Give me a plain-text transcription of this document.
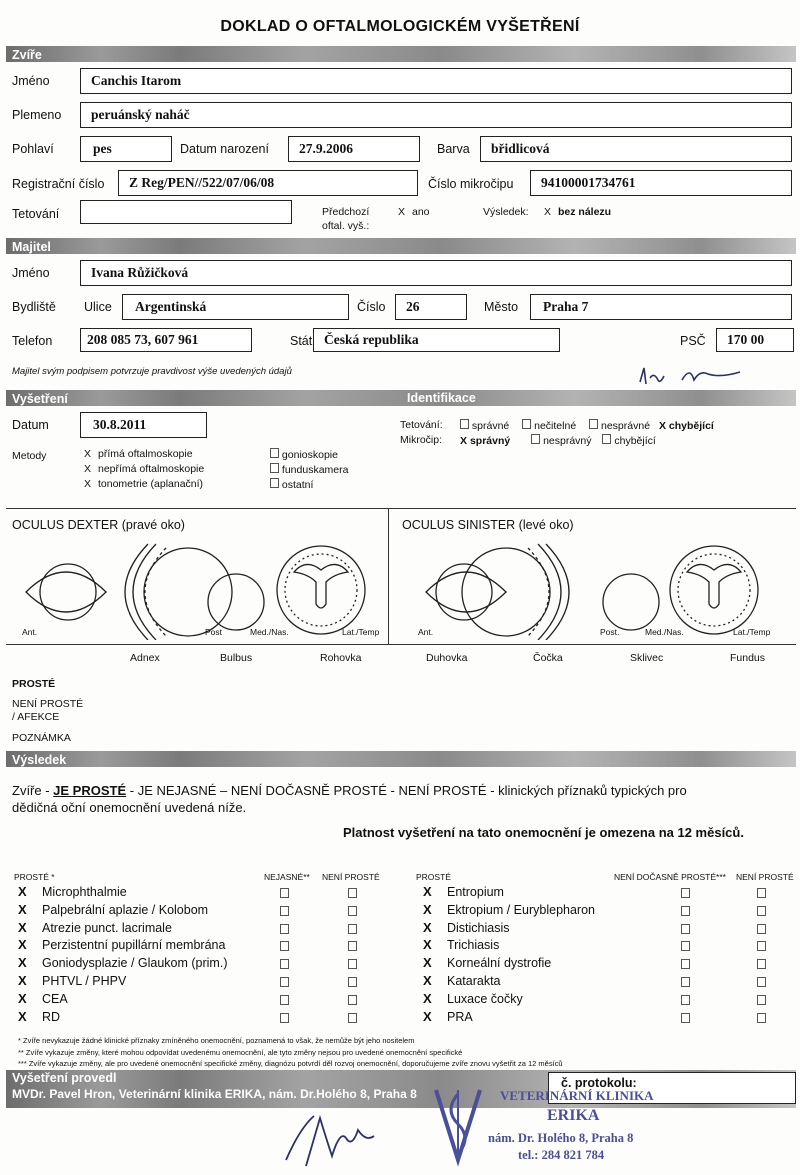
DOKLAD O OFTALMOLOGICKÉM VYŠETŘENÍ
Zvíře
Jméno	Canchis Itarom
Plemeno peruánský naháč
Pohlaví	pes	Datum narození 27.9.2006	Barva břidlicová
Registrační číslo Z Reg/PEN//522/07/06/08	Číslo mikročipu 94100001734761
Tetování	Předchozí
oftal. vyš.:
X ano	Výsledek: X bez nálezu
Majitel
Jméno	Ivana Růžičková
Bydliště Ulice Argentinská	Číslo 26	Město Praha 7
Telefon	208 085 73, 607 961	Stát Česká republika	PSČ 170 00
Majitel svým podpisem potvrzuje pravdivost výše uvedených údajů
Vyšetření	Identifikace
Datum	30.8.2011
Metody	X přímá oftalmoskopie
X nepřímá oftalmoskopie
X tonometrie (aplanační)
gonioskopie
funduskamera
ostatní
Tetování:	správné nečitelné nesprávné X chybějící
Mikročip: X správný	nesprávný chybějící
OCULUS DEXTER (pravé oko)	OCULUS SINISTER (levé oko)
Ant.	Post	Med./Nas.	Lat./Temp	Ant.	Post.	Med./Nas.	Lat./Temp
Adnex	Bulbus	Rohovka	Duhovka	Čočka	Sklivec	Fundus
PROSTÉ
NENÍ PROSTÉ
/ AFEKCE
POZNÁMKA
Výsledek
Zvíře - JE PROSTÉ - JE NEJASNÉ – NENÍ DOČASNĚ PROSTÉ - NENÍ PROSTÉ - klinických příznaků typických pro
dědičná oční onemocnění uvedená níže.
Platnost vyšetření na tato onemocnění je omezena na 12 měsíců.
PROSTÉ *	NEJASNÉ** NENÍ PROSTÉ	PROSTÉ	NENÍ DOČASNĚ PROSTÉ*** NENÍ PROSTÉ
X Microphthalmie
X Palpebrální aplazie / Kolobom
X Atrezie punct. lacrimale
X Perzistentní pupillární membrána
X Goniodysplazie / Glaukom (prim.)
X PHTVL / PHPV
X CEA
X RD
X Entropium
X Ektropium / Euryblepharon
X Distichiasis
X Trichiasis
X Korneální dystrofie
X Katarakta
X Luxace čočky
X PRA
* Zvíře nevykazuje žádné klinické příznaky zmíněného onemocnění, poznamená to však, že nemůže být jeho nositelem
** Zvíře vykazuje změny, které mohou odpovídat uvedenému onemocnění, ale tyto změny nejsou pro uvedené onemocnění specifické
*** Zvíře vykazuje změny, ale pro uvedené onemocnění specifické změny, diagnózu potvrdí děl rozvoj onemocnění, doporučujeme zvíře znovu vyšetřit za 12 měsíců
Vyšetření provedl
MVDr. Pavel Hron, Veterinární klinika ERIKA, nám. Dr.Holého 8, Praha 8
č. protokolu:
VETERINÁRNÍ KLINIKA
ERIKA
nám. Dr. Holého 8, Praha 8
tel.: 284 821 784
